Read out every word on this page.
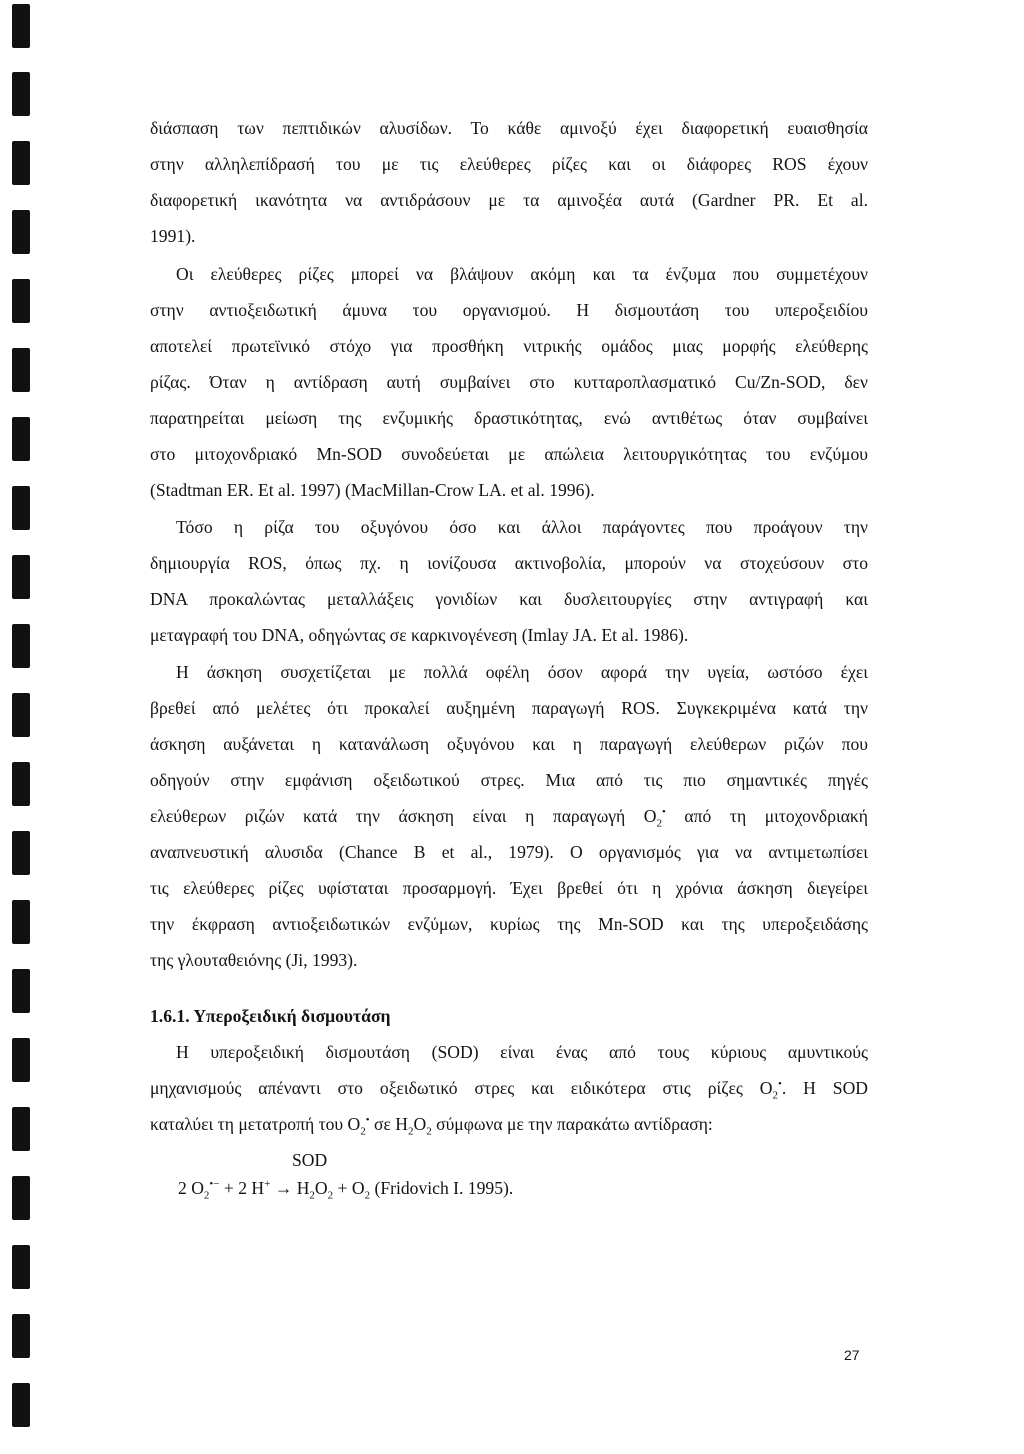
διάσπαση των πεπτιδικών αλυσίδων. Το κάθε αμινοξύ έχει διαφορετική ευαισθησία
στην αλληλεπίδρασή του με τις ελεύθερες ρίζες και οι διάφορες ROS έχουν
διαφορετική ικανότητα να αντιδράσουν με τα αμινοξέα αυτά (Gardner PR. Et al.
1991).
Οι ελεύθερες ρίζες μπορεί να βλάψουν ακόμη και τα ένζυμα που συμμετέχουν
στην αντιοξειδωτική άμυνα του οργανισμού. Η δισμουτάση του υπεροξειδίου
αποτελεί πρωτεϊνικό στόχο για προσθήκη νιτρικής ομάδος μιας μορφής ελεύθερης
ρίζας. Όταν η αντίδραση αυτή συμβαίνει στο κυτταροπλασματικό Cu/Zn-SOD, δεν
παρατηρείται μείωση της ενζυμικής δραστικότητας, ενώ αντιθέτως όταν συμβαίνει
στο μιτοχονδριακό Mn-SOD συνοδεύεται με απώλεια λειτουργικότητας του ενζύμου
(Stadtman ER. Et al. 1997) (MacMillan-Crow LA. et al. 1996).
Τόσο η ρίζα του οξυγόνου όσο και άλλοι παράγοντες που προάγουν την
δημιουργία ROS, όπως πχ. η ιονίζουσα ακτινοβολία, μπορούν να στοχεύσουν στο
DNA προκαλώντας μεταλλάξεις γονιδίων και δυσλειτουργίες στην αντιγραφή και
μεταγραφή του DNA, οδηγώντας σε καρκινογένεση (Imlay JA. Et al. 1986).
Η άσκηση συσχετίζεται με πολλά οφέλη όσον αφορά την υγεία, ωστόσο έχει
βρεθεί από μελέτες ότι προκαλεί αυξημένη παραγωγή ROS. Συγκεκριμένα κατά την
άσκηση αυξάνεται η κατανάλωση οξυγόνου και η παραγωγή ελεύθερων ριζών που
οδηγούν στην εμφάνιση οξειδωτικού στρες. Μια από τις πιο σημαντικές πηγές
ελεύθερων ριζών κατά την άσκηση είναι η παραγωγή $O_2^•$ από τη μιτοχονδριακή
αναπνευστική αλυσιδα (Chance B et al., 1979). Ο οργανισμός για να αντιμετωπίσει
τις ελεύθερες ρίζες υφίσταται προσαρμογή. Έχει βρεθεί ότι η χρόνια άσκηση διεγείρει
την έκφραση αντιοξειδωτικών ενζύμων, κυρίως της Mn-SOD και της υπεροξειδάσης
της γλουταθειόνης (Ji, 1993).
1.6.1. Υπεροξειδική δισμουτάση
Η υπεροξειδική δισμουτάση (SOD) είναι ένας από τους κύριους αμυντικούς
μηχανισμούς απέναντι στο οξειδωτικό στρες και ειδικότερα στις ρίζες $O_2^•$. Η SOD
καταλύει τη μετατροπή του $O_2^•$ σε $H_2O_2$ σύμφωνα με την παρακάτω αντίδραση:
SOD
2 $O_2^{•-} + 2$ $H^+ \to H_2O_2 + O_2$ (Fridovich I. 1995).
27
